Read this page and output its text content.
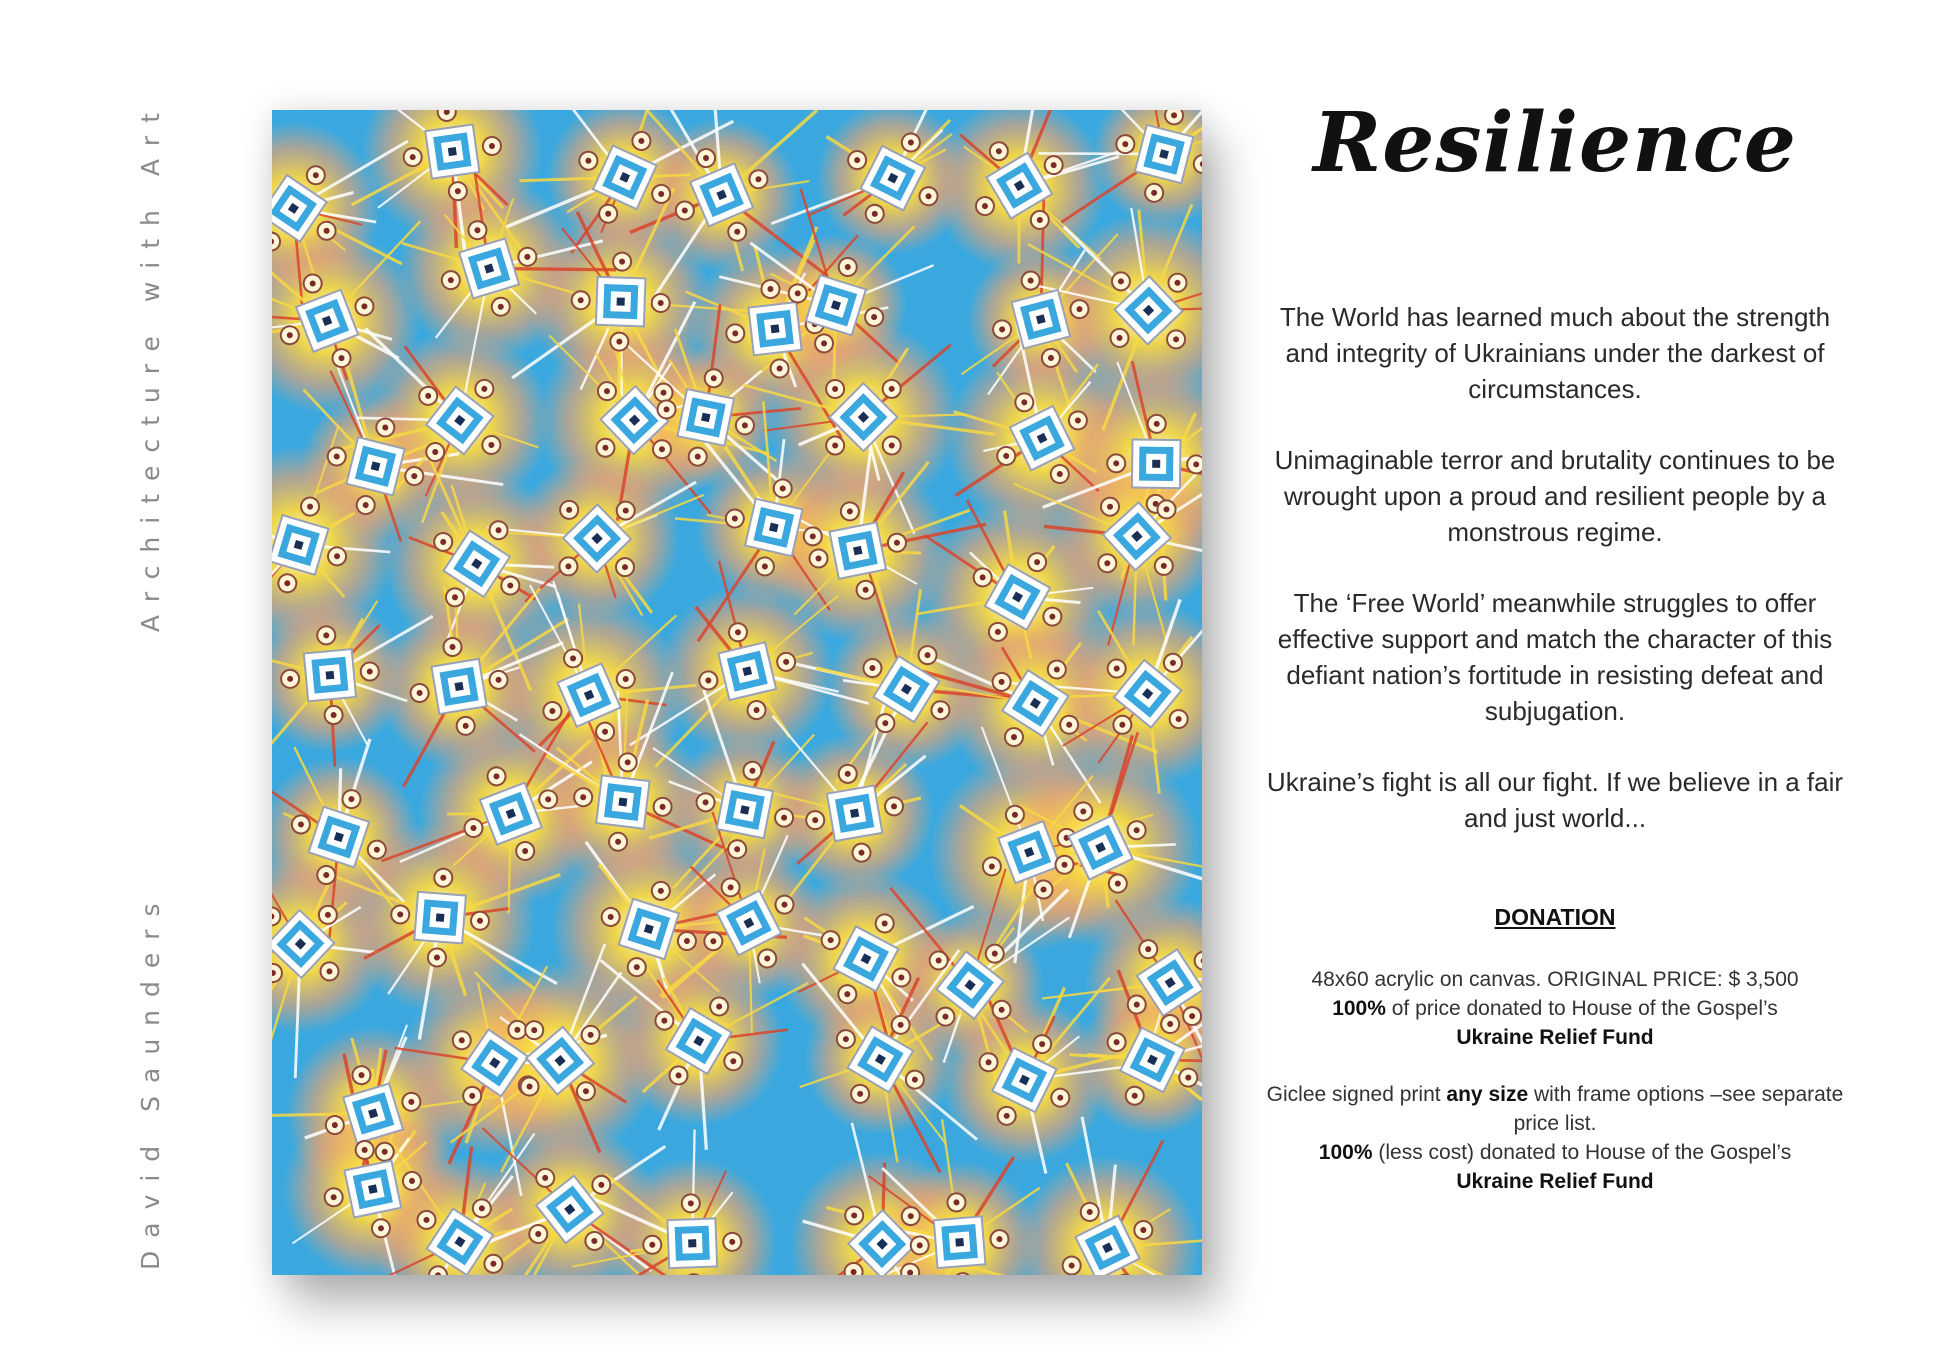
David Saunders
Architecture with Art	Resilience

The World has learned much about the strength and integrity of Ukrainians under the darkest of circumstances.

Unimaginable terror and brutality continues to be wrought upon a proud and resilient people by a monstrous regime.

The ‘Free World’ meanwhile struggles to offer effective support and match the character of this defiant nation’s fortitude in resisting defeat and subjugation.

Ukraine’s fight is all our fight. If we believe in a fair and just world...

DONATION

48x60 acrylic on canvas. ORIGINAL PRICE: $ 3,500
100% of price donated to House of the Gospel’s
Ukraine Relief Fund

Giclee signed print any size with frame options –see separate price list.
100% (less cost) donated to House of the Gospel’s
Ukraine Relief Fund
